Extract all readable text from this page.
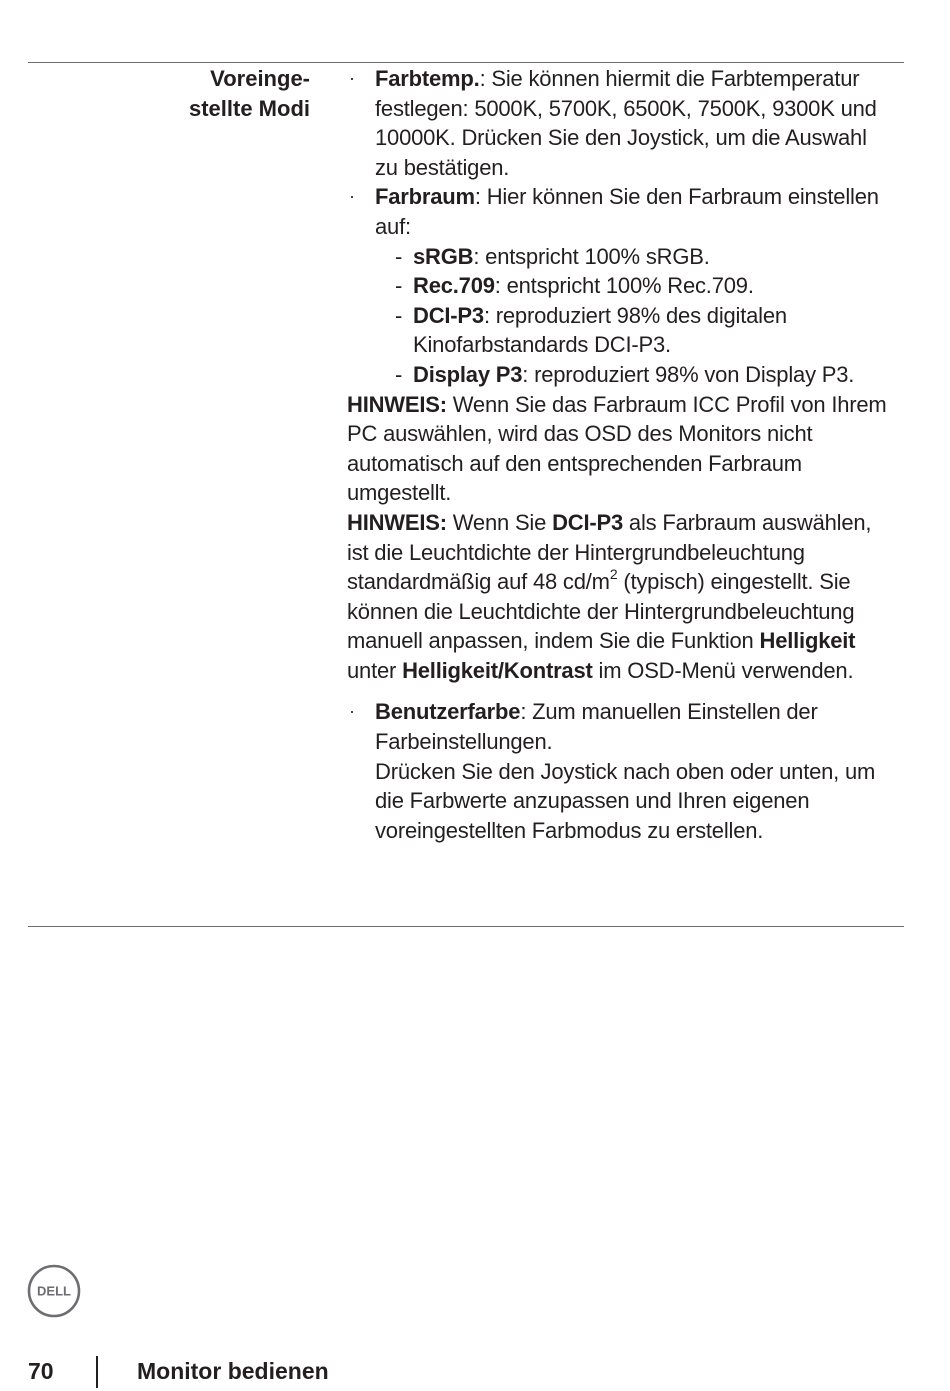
Voreinge-
stellte Modi

· Farbtemp.: Sie können hiermit die Farbtemperatur festlegen: 5000K, 5700K, 6500K, 7500K, 9300K und 10000K. Drücken Sie den Joystick, um die Auswahl zu bestätigen.

· Farbraum: Hier können Sie den Farbraum einstellen auf:

- sRGB: entspricht 100% sRGB.

- Rec.709: entspricht 100% Rec.709.

- DCI-P3: reproduziert 98% des digitalen Kinofarbstandards DCI-P3.

- Display P3: reproduziert 98% von Display P3.

HINWEIS: Wenn Sie das Farbraum ICC Profil von Ihrem PC auswählen, wird das OSD des Monitors nicht automatisch auf den entsprechenden Farbraum umgestellt.

HINWEIS: Wenn Sie DCI-P3 als Farbraum auswählen, ist die Leuchtdichte der Hintergrundbeleuchtung standardmäßig auf 48 $cd/m^2$ (typisch) eingestellt. Sie können die Leuchtdichte der Hintergrundbeleuchtung manuell anpassen, indem Sie die Funktion Helligkeit unter Helligkeit/Kontrast im OSD-Menü verwenden.

· Benutzerfarbe: Zum manuellen Einstellen der Farbeinstellungen.

Drücken Sie den Joystick nach oben oder unten, um die Farbwerte anzupassen und Ihren eigenen voreingestellten Farbmodus zu erstellen.

DELL
70	Monitor bedienen
